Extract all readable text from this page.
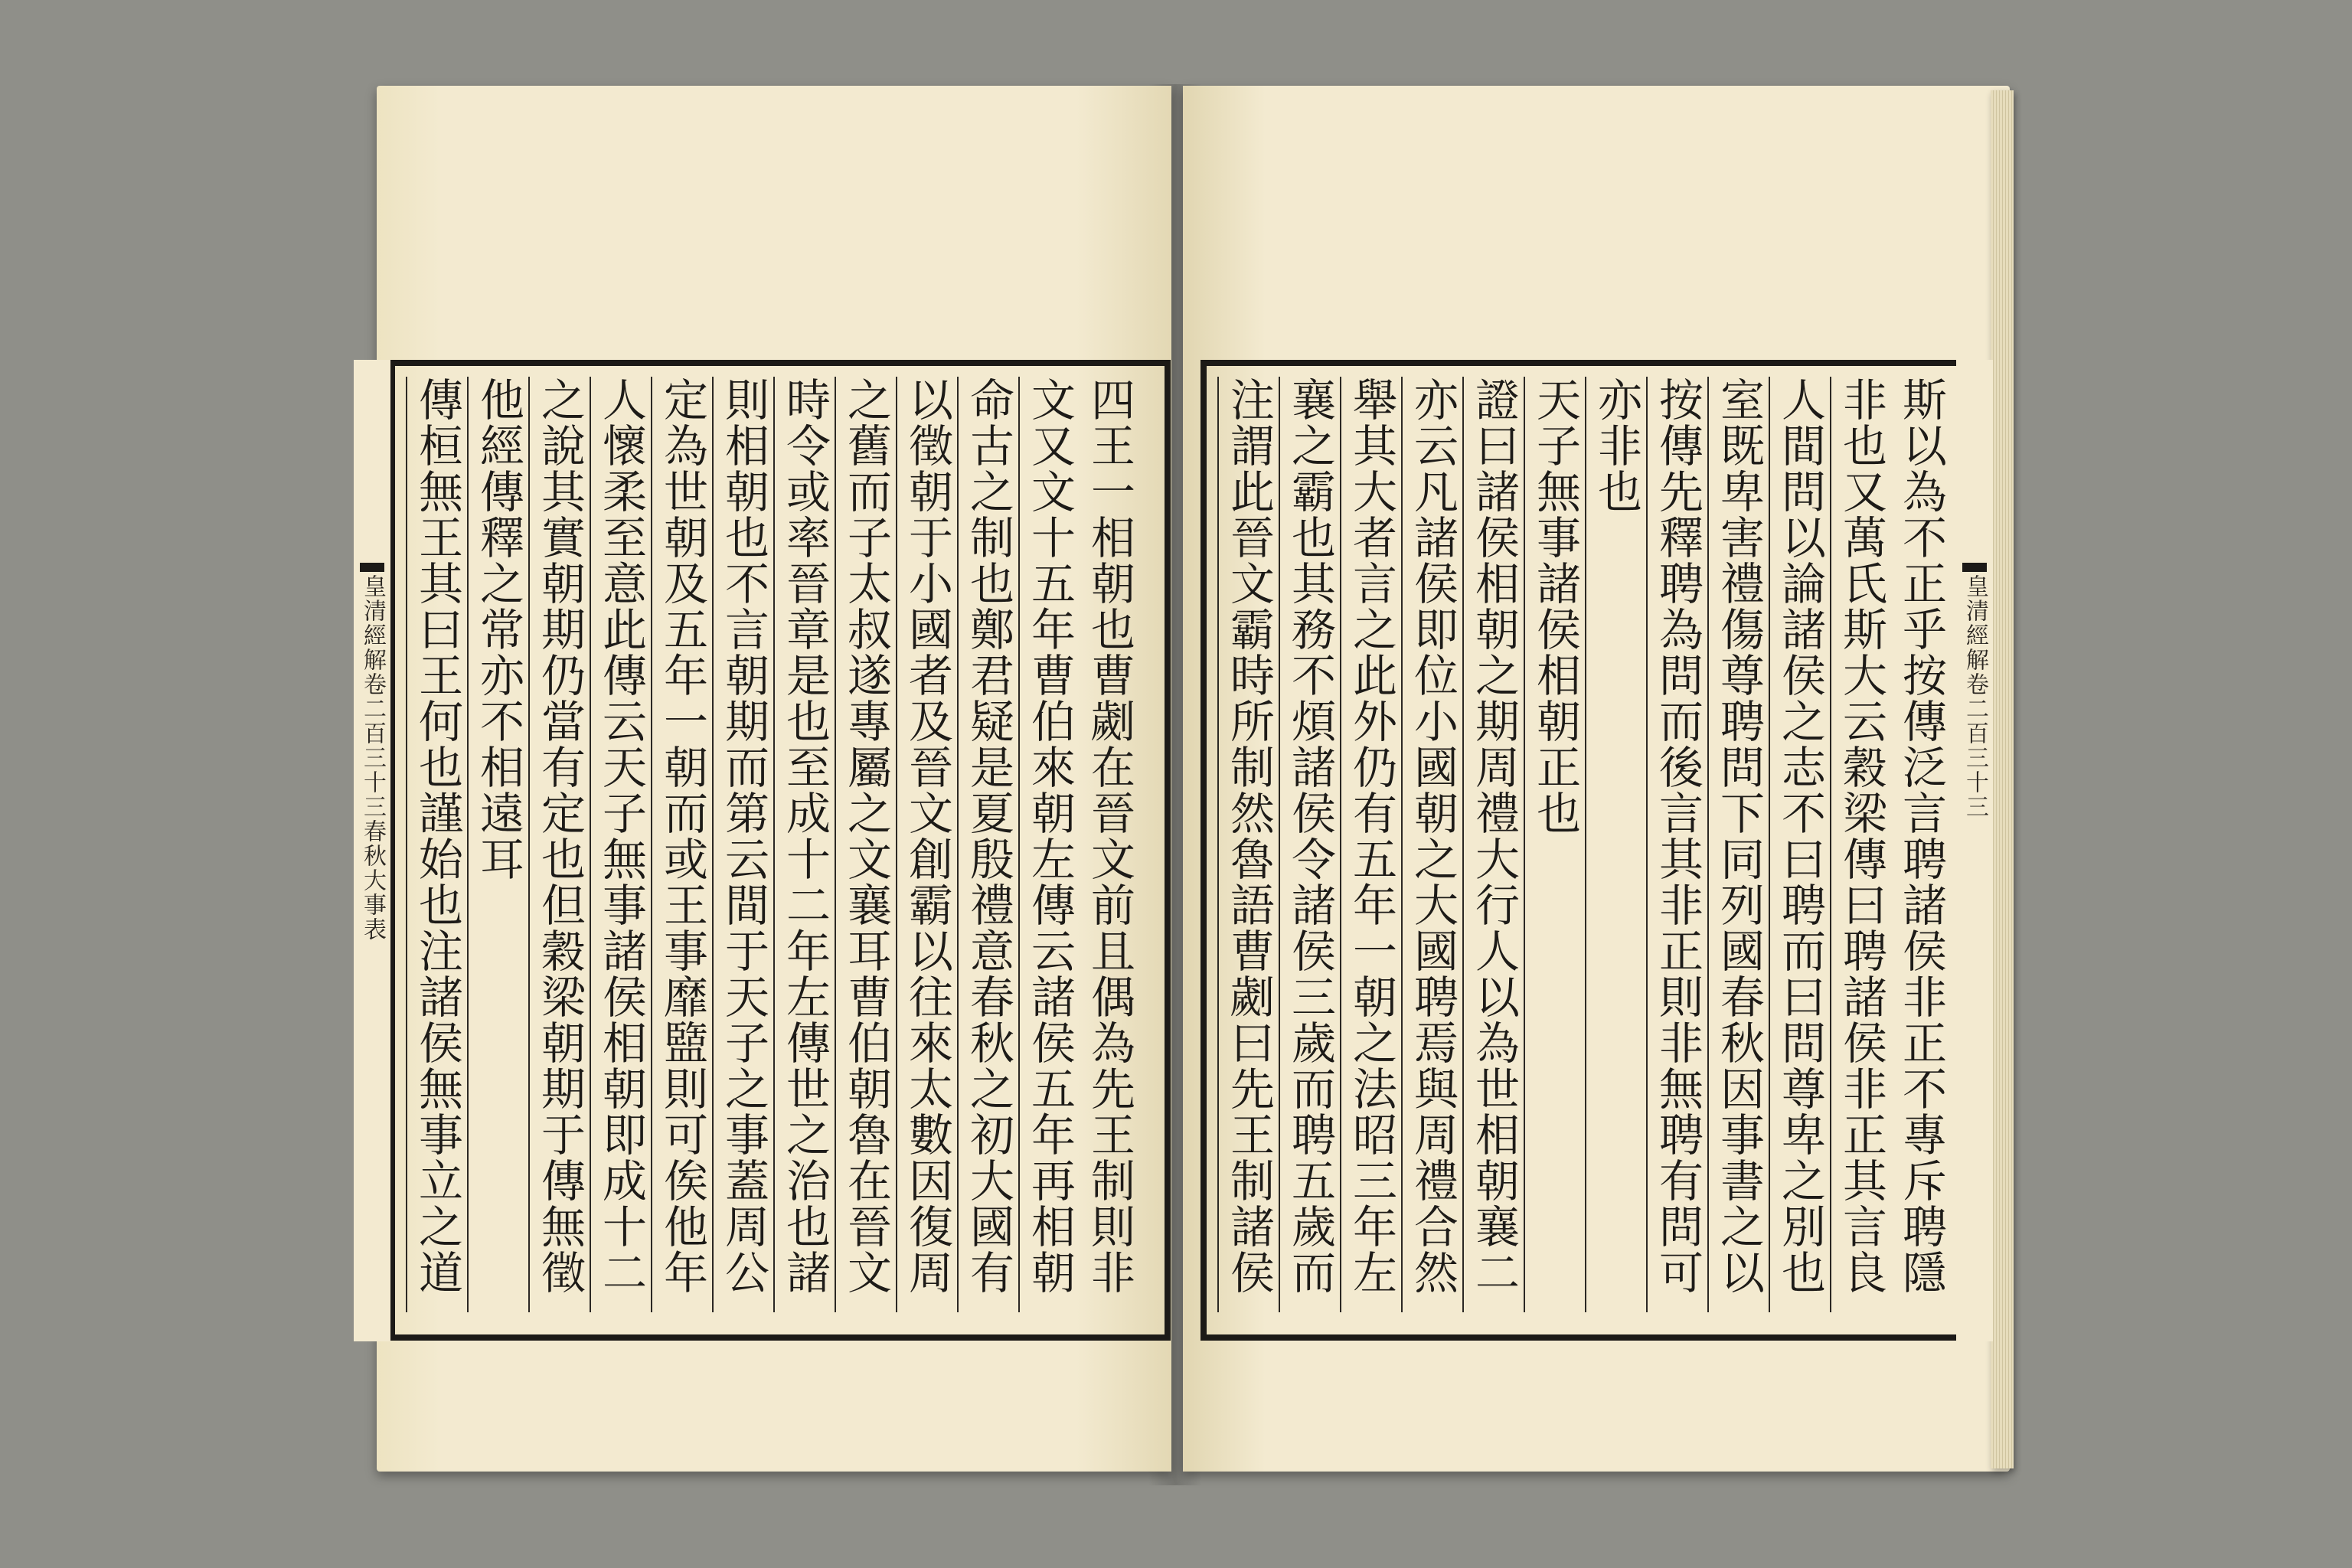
皇清經解卷二百三十三春秋大事表
四王一相朝也曹劌在晉文前且偶為先王制則非
文又文十五年曹伯來朝左傳云諸侯五年再相朝
命古之制也鄭君疑是夏殷禮意春秋之初大國有
以徵朝于小國者及晉文創霸以往來太數因復周
之舊而子太叔遂專屬之文襄耳曹伯朝魯在晉文
時令或率晉章是也至成十二年左傳世之治也諸
則相朝也不言朝期而第云間于天子之事蓋周公
定為世朝及五年一朝而或王事靡盬則可俟他年
人懷柔至意此傳云天子無事諸侯相朝即成十二
之說其實朝期仍當有定也但穀梁朝期于傳無徵
他經傳釋之常亦不相遠耳
傳桓無王其曰王何也謹始也注諸侯無事立之道
皇清經解卷二百三十三
斯以為不正乎按傳泛言聘諸侯非正不專斥聘隱
非也又萬氏斯大云穀梁傳曰聘諸侯非正其言良
人間問以論諸侯之志不曰聘而曰問尊卑之別也
室既卑害禮傷尊聘問下同列國春秋因事書之以
按傳先釋聘為問而後言其非正則非無聘有問可
亦非也
天子無事諸侯相朝正也
證曰諸侯相朝之期周禮大行人以為世相朝襄二
亦云凡諸侯即位小國朝之大國聘焉與周禮合然
舉其大者言之此外仍有五年一朝之法昭三年左
襄之霸也其務不煩諸侯令諸侯三歲而聘五歲而
注謂此晉文霸時所制然魯語曹劌曰先王制諸侯
